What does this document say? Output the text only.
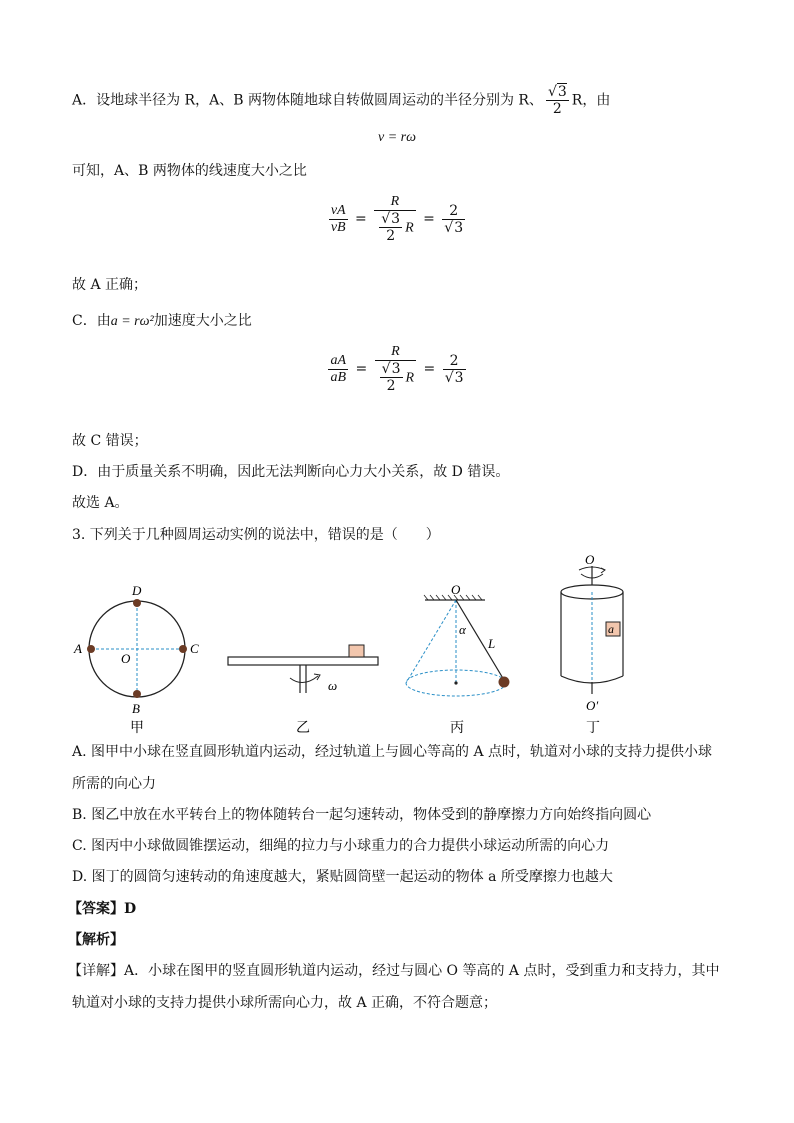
A．设地球半径为 R，A、B 两物体随地球自转做圆周运动的半径分别为 R、 $\frac{√3}{2}$ R，由
v = rω
可知，A、B 两物体的线速度大小之比
$\frac{vA}{vB} = \frac{R}{\frac{√3}{2} R} = \frac{2}{√3}$
故 A 正确；
C．由a = rω²加速度大小之比
$\frac{aA}{aB} = \frac{R}{\frac{√3}{2} R} = \frac{2}{√3}$
故 C 错误；
D．由于质量关系不明确，因此无法判断向心力大小关系，故 D 错误。
故选 A。
3. 下列关于几种圆周运动实例的说法中，错误的是（　　）
D
A	C
O
B
甲
ω
乙
O
α
L
丙
a
O
O′
丁
A. 图甲中小球在竖直圆形轨道内运动，经过轨道上与圆心等高的 A 点时，轨道对小球的支持力提供小球
所需的向心力
B. 图乙中放在水平转台上的物体随转台一起匀速转动，物体受到的静摩擦力方向始终指向圆心
C. 图丙中小球做圆锥摆运动，细绳的拉力与小球重力的合力提供小球运动所需的向心力
D. 图丁的圆筒匀速转动的角速度越大，紧贴圆筒壁一起运动的物体 a 所受摩擦力也越大
【答案】D
【解析】
【详解】A．小球在图甲的竖直圆形轨道内运动，经过与圆心 O 等高的 A 点时，受到重力和支持力，其中
轨道对小球的支持力提供小球所需向心力，故 A 正确，不符合题意；
